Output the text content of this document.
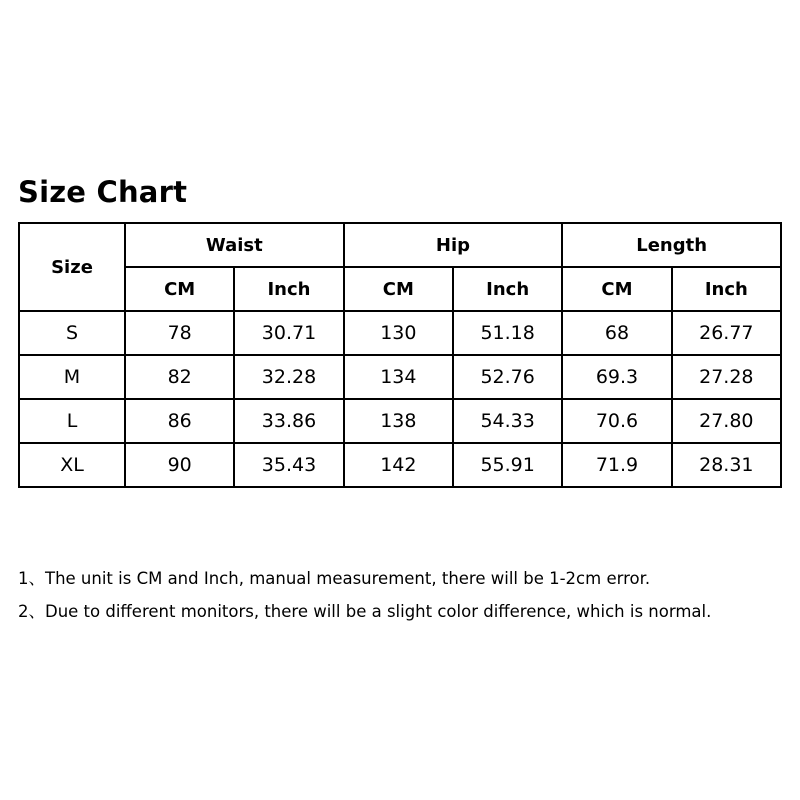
Size Chart
Size	Waist		Hip		Length	
	CM	Inch	CM	Inch	CM	Inch
S	78	30.71	130	51.18	68	26.77
M	82	32.28	134	52.76	69.3	27.28
L	86	33.86	138	54.33	70.6	27.80
XL	90	35.43	142	55.91	71.9	28.31
1、The unit is CM and Inch, manual measurement, there will be 1-2cm error.
2、Due to different monitors, there will be a slight color difference, which is normal.
